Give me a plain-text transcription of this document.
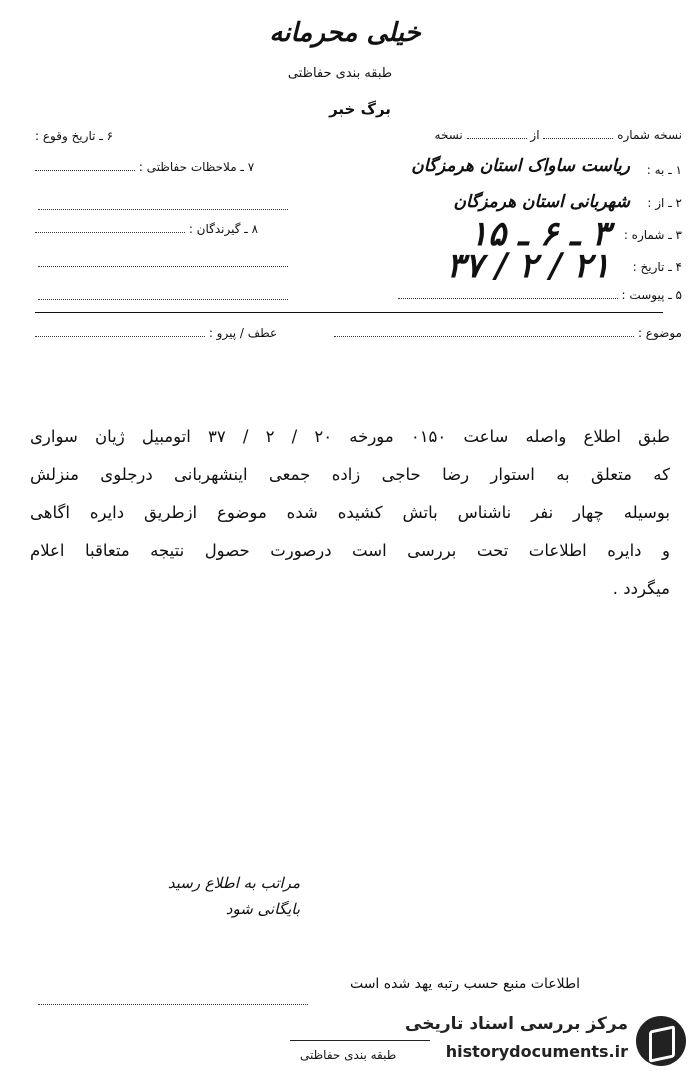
خیلی محرمانه
طبقه بندی حفاظتی
برگ خبر
نسخه شماره  از  نسخه
۱ ـ به :
ریاست ساواک استان هرمزگان
۲ ـ از :
شهربانی استان هرمزگان
۳ ـ شماره :
۳ ـ ۶ ـ ۱۵
۴ ـ تاریخ :
۲۱ / ۲ / ۳۷
۵ ـ پیوست :
۶ ـ تاریخ وقوع :
۷ ـ ملاحظات حفاظتی :
۸ ـ گیرندگان :
موضوع :
عطف / پیرو :
طبق اطلاع واصله ساعت ۰۱۵۰ مورخه ۲۰ / ۲ / ۳۷ اتومبیل ژیان سواری
که متعلق به استوار رضا حاجی زاده جمعی اینشهربانی درجلوی منزلش
بوسیله چهار نفر ناشناس باتش کشیده شده موضوع ازطریق دایره اگاهی
و دایره اطلاعات تحت بررسی است درصورت حصول نتیجه متعاقبا اعلام
میگردد .
مراتب به اطلاع رسید
بایگانی شود
اطلاعات منبع حسب رتبه یهد شده است
طبقه بندی حفاظتی
مرکز بررسی اسناد تاریخی
historydocuments.ir
